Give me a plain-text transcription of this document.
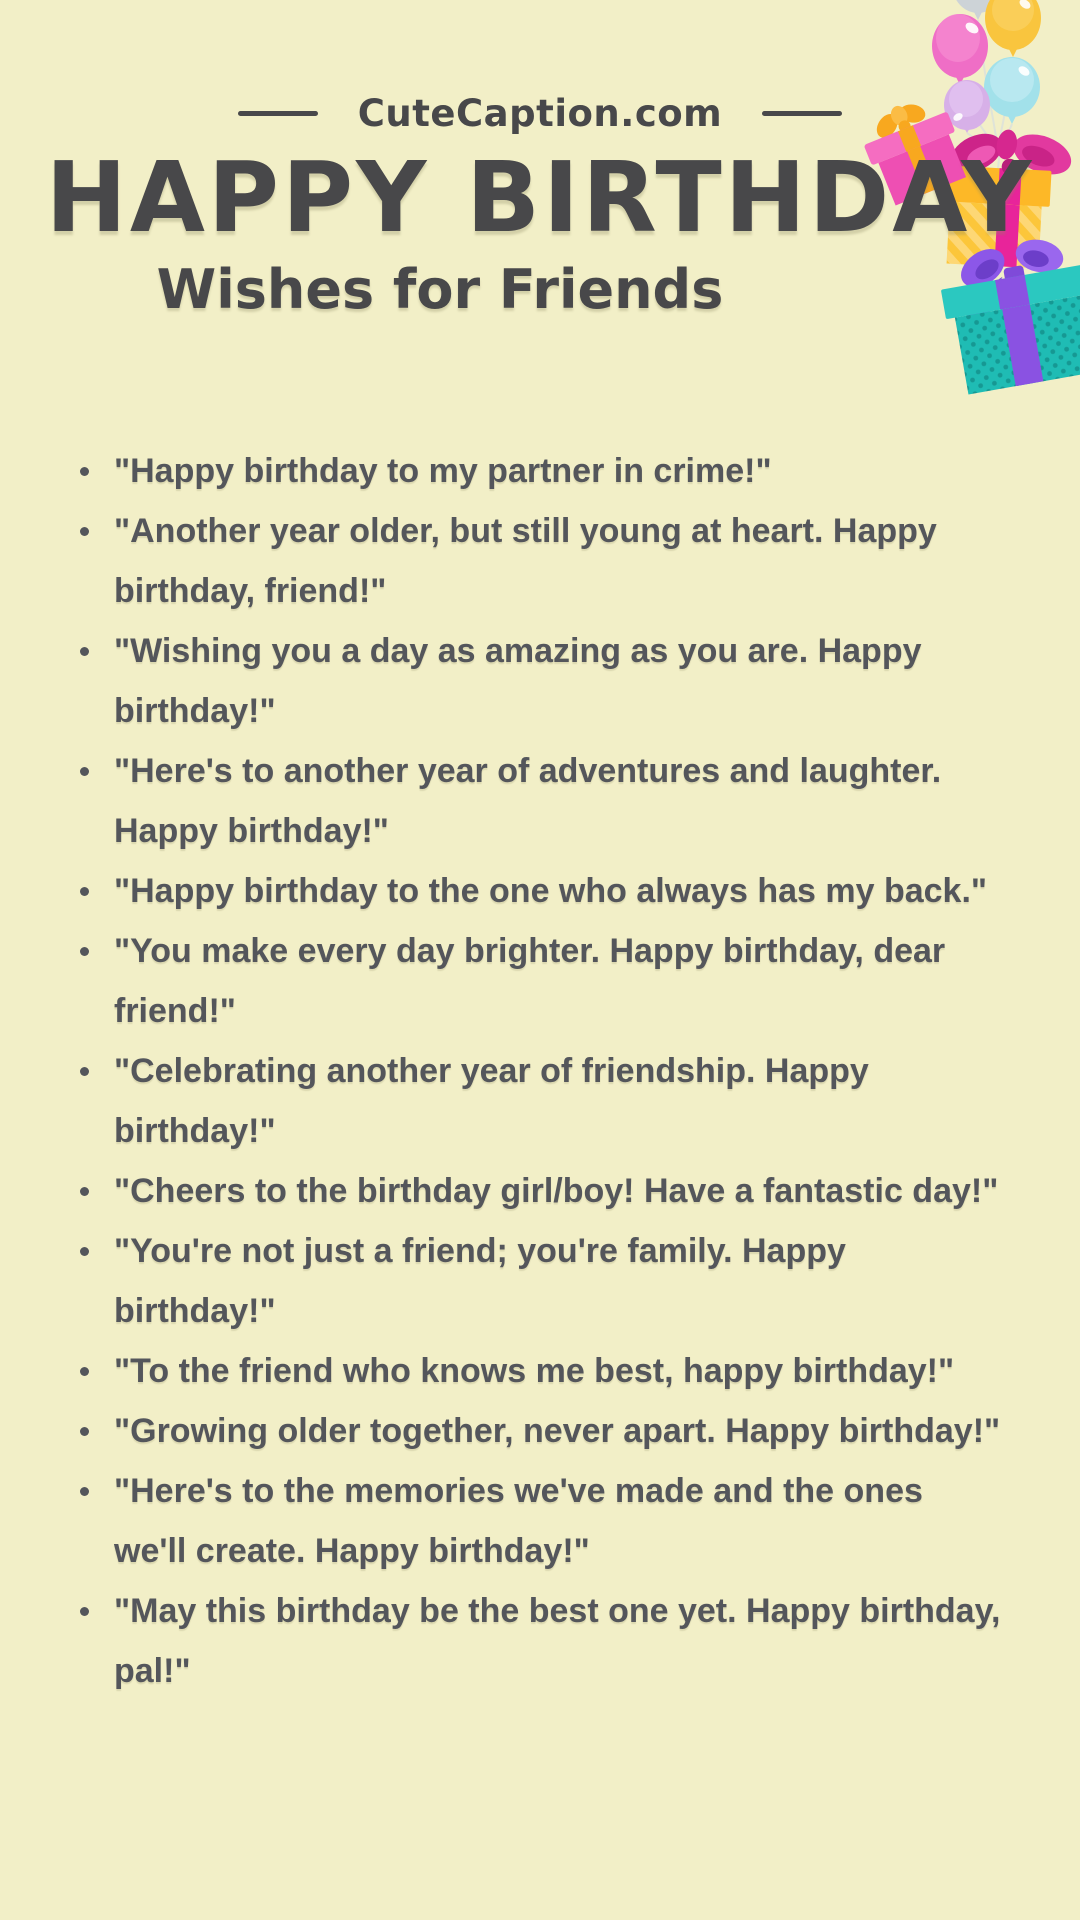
CuteCaption.com
HAPPY BIRTHDAY
Wishes for Friends
"Happy birthday to my partner in crime!"
"Another year older, but still young at heart. Happy birthday, friend!"
"Wishing you a day as amazing as you are. Happy birthday!"
"Here's to another year of adventures and laughter. Happy birthday!"
"Happy birthday to the one who always has my back."
"You make every day brighter. Happy birthday, dear friend!"
"Celebrating another year of friendship. Happy birthday!"
"Cheers to the birthday girl/boy! Have a fantastic day!"
"You're not just a friend; you're family. Happy birthday!"
"To the friend who knows me best, happy birthday!"
"Growing older together, never apart. Happy birthday!"
"Here's to the memories we've made and the ones we'll create. Happy birthday!"
"May this birthday be the best one yet. Happy birthday, pal!"
